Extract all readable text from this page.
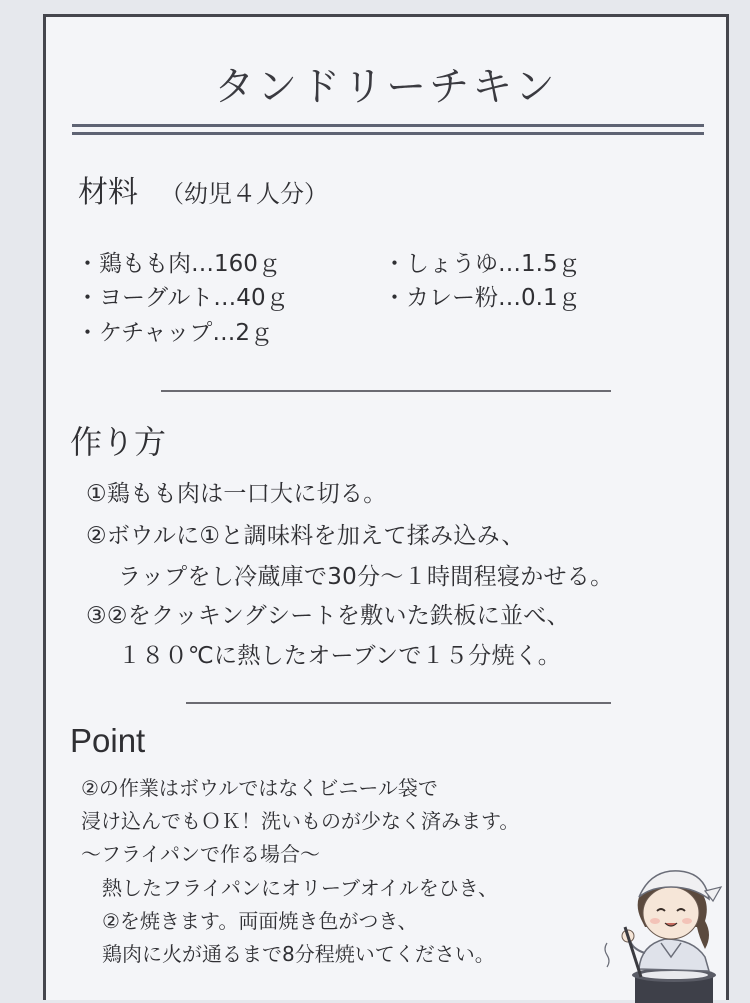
タンドリーチキン
材料 （幼児４人分）
・鶏もも肉…160ｇ	・しょうゆ…1.5ｇ
・ヨーグルト…40ｇ	・カレー粉…0.1ｇ
・ケチャップ…2ｇ
作り方
①鶏もも肉は一口大に切る。
②ボウルに①と調味料を加えて揉み込み、
ラップをし冷蔵庫で30分～１時間程寝かせる。
③②をクッキングシートを敷いた鉄板に並べ、
１８０℃に熱したオーブンで１５分焼く。
Point
②の作業はボウルではなくビニール袋で
浸け込んでもＯＫ！洗いものが少なく済みます。
～フライパンで作る場合～
熱したフライパンにオリーブオイルをひき、
②を焼きます。両面焼き色がつき、
鶏肉に火が通るまで8分程焼いてください。
